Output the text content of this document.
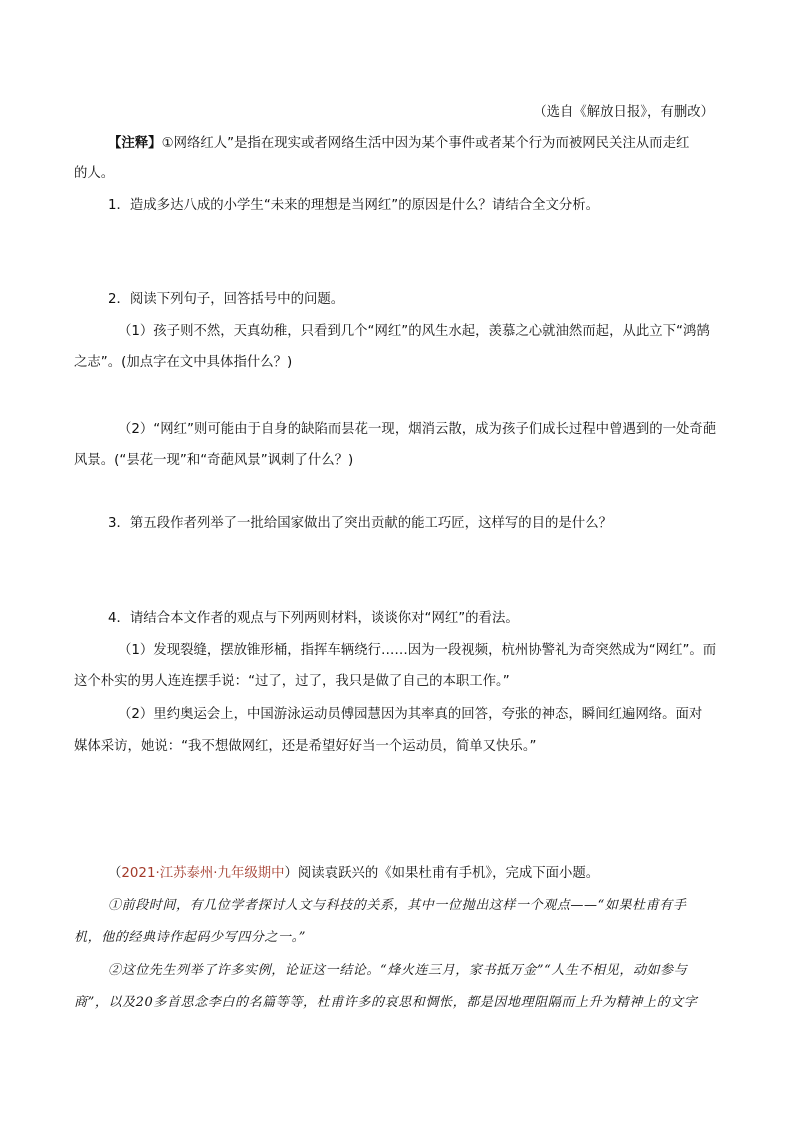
（选自《解放日报》，有删改）
【注释】①网络红人”是指在现实或者网络生活中因为某个事件或者某个行为而被网民关注从而走红
的人。
1．造成多达八成的小学生“未来的理想是当网红”的原因是什么？请结合全文分析。
2．阅读下列句子，回答括号中的问题。
（1）孩子则不然，天真幼稚，只看到几个“网红”的风生水起，羡慕之心就油然而起，从此立下“鸿鹄
之志”。(加点字在文中具体指什么？)
（2）“网红”则可能由于自身的缺陷而昙花一现，烟消云散，成为孩子们成长过程中曾遇到的一处奇葩
风景。(“昙花一现”和“奇葩风景”讽刺了什么？)
3．第五段作者列举了一批给国家做出了突出贡献的能工巧匠，这样写的目的是什么？
4．请结合本文作者的观点与下列两则材料，谈谈你对“网红”的看法。
（1）发现裂缝，摆放锥形桶，指挥车辆绕行……因为一段视频，杭州协警礼为奇突然成为“网红”。而
这个朴实的男人连连摆手说：“过了，过了，我只是做了自己的本职工作。”
（2）里约奥运会上，中国游泳运动员傅园慧因为其率真的回答，夸张的神态，瞬间红遍网络。面对
媒体采访，她说：“我不想做网红，还是希望好好当一个运动员，简单又快乐。”
（2021·江苏泰州·九年级期中）阅读袁跃兴的《如果杜甫有手机》，完成下面小题。
①前段时间，有几位学者探讨人文与科技的关系，其中一位抛出这样一个观点——“如果杜甫有手
机，他的经典诗作起码少写四分之一。”
②这位先生列举了许多实例，论证这一结论。“烽火连三月，家书抵万金”“人生不相见，动如参与
商”，以及20多首思念李白的名篇等等，杜甫许多的哀思和惆怅，都是因地理阻隔而上升为精神上的文字
